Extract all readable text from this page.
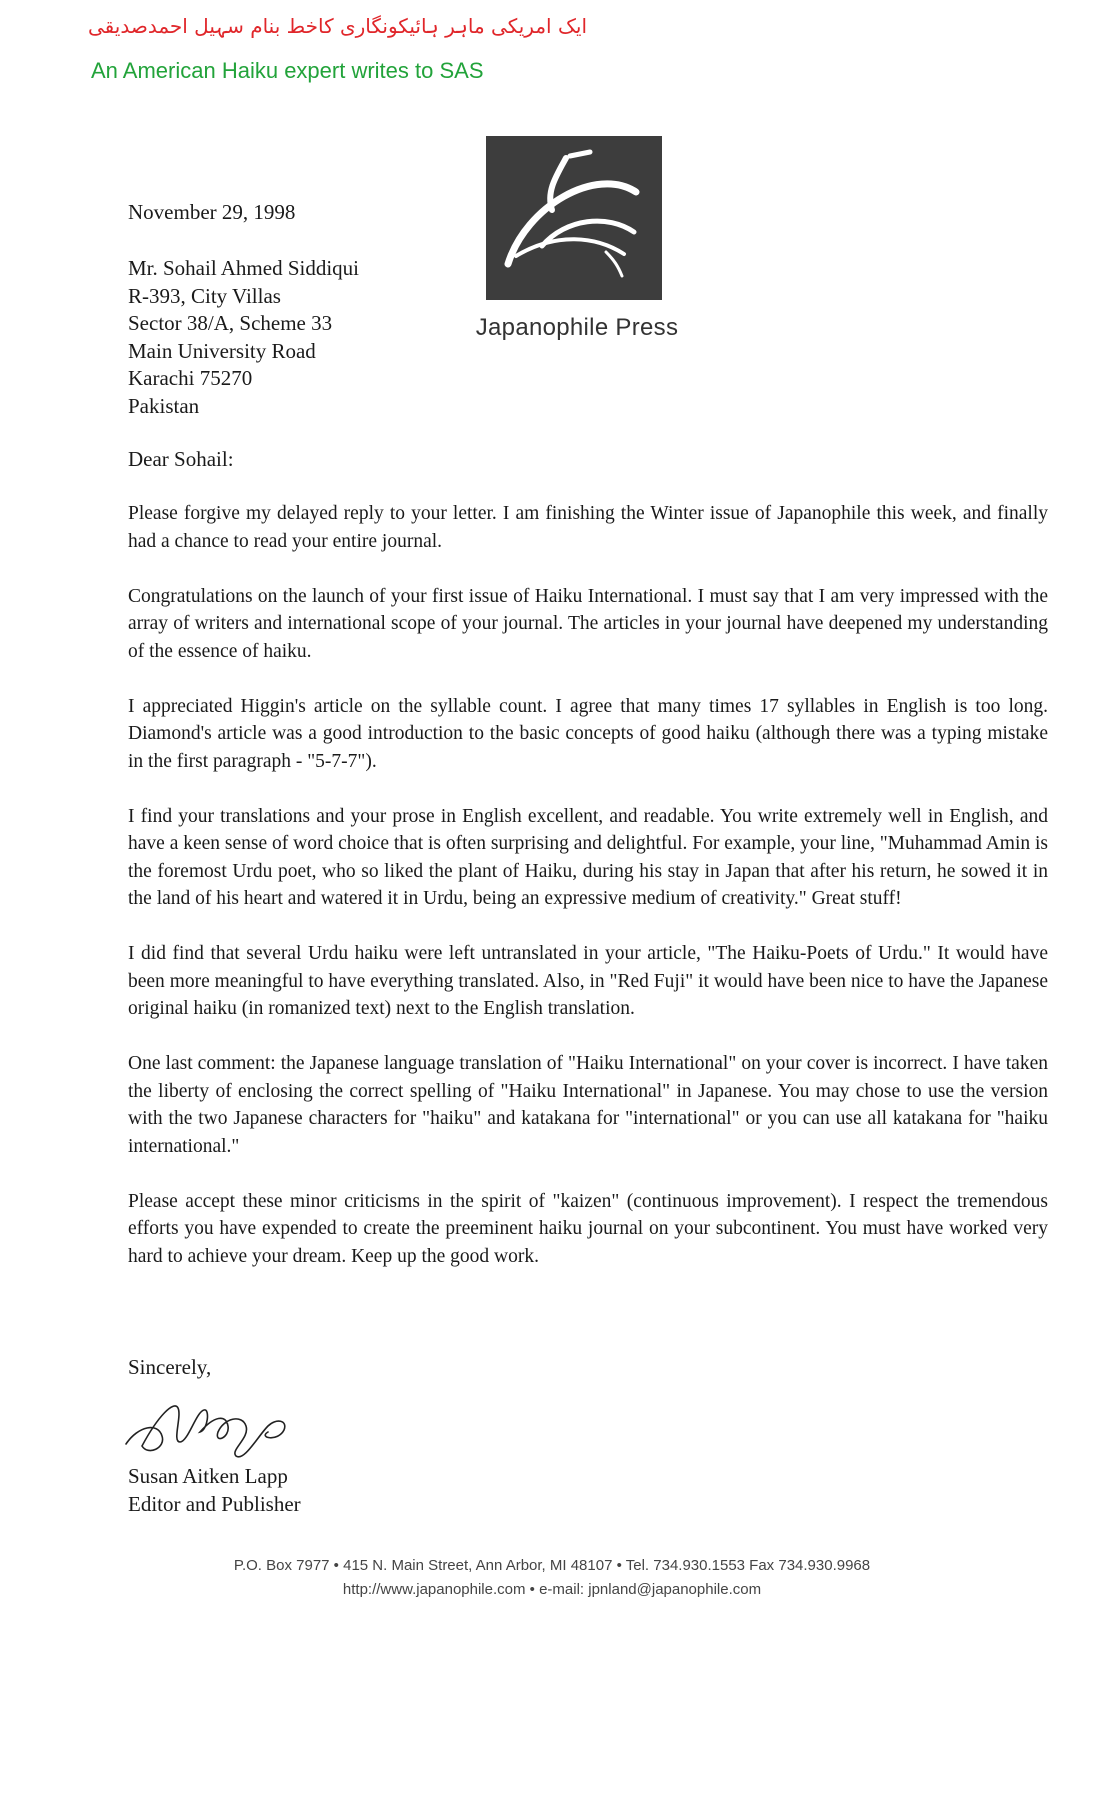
ایک امریکی ماہر ہائیکونگاری کاخط بنام سہیل احمدصدیقی
An American Haiku expert writes to SAS
Japanophile Press
November 29, 1998
Mr. Sohail Ahmed Siddiqui
R-393, City Villas
Sector 38/A, Scheme 33
Main University Road
Karachi 75270
Pakistan
Dear Sohail:

Please forgive my delayed reply to your letter. I am finishing the Winter issue of Japanophile this week, and finally had a chance to read your entire journal.

Congratulations on the launch of your first issue of Haiku International. I must say that I am very impressed with the array of writers and international scope of your journal. The articles in your journal have deepened my understanding of the essence of haiku.

I appreciated Higgin's article on the syllable count. I agree that many times 17 syllables in English is too long. Diamond's article was a good introduction to the basic concepts of good haiku (although there was a typing mistake in the first paragraph - "5-7-7").

I find your translations and your prose in English excellent, and readable. You write extremely well in English, and have a keen sense of word choice that is often surprising and delightful. For example, your line, "Muhammad Amin is the foremost Urdu poet, who so liked the plant of Haiku, during his stay in Japan that after his return, he sowed it in the land of his heart and watered it in Urdu, being an expressive medium of creativity." Great stuff!

I did find that several Urdu haiku were left untranslated in your article, "The Haiku-Poets of Urdu." It would have been more meaningful to have everything translated. Also, in "Red Fuji" it would have been nice to have the Japanese original haiku (in romanized text) next to the English translation.

One last comment: the Japanese language translation of "Haiku International" on your cover is incorrect. I have taken the liberty of enclosing the correct spelling of "Haiku International" in Japanese. You may chose to use the version with the two Japanese characters for "haiku" and katakana for "international" or you can use all katakana for "haiku international."

Please accept these minor criticisms in the spirit of "kaizen" (continuous improvement). I respect the tremendous efforts you have expended to create the preeminent haiku journal on your subcontinent. You must have worked very hard to achieve your dream. Keep up the good work.

Sincerely,
Susan Aitken Lapp
Editor and Publisher
P.O. Box 7977 • 415 N. Main Street, Ann Arbor, MI 48107 • Tel. 734.930.1553 Fax 734.930.9968
http://www.japanophile.com • e-mail: jpnland@japanophile.com
